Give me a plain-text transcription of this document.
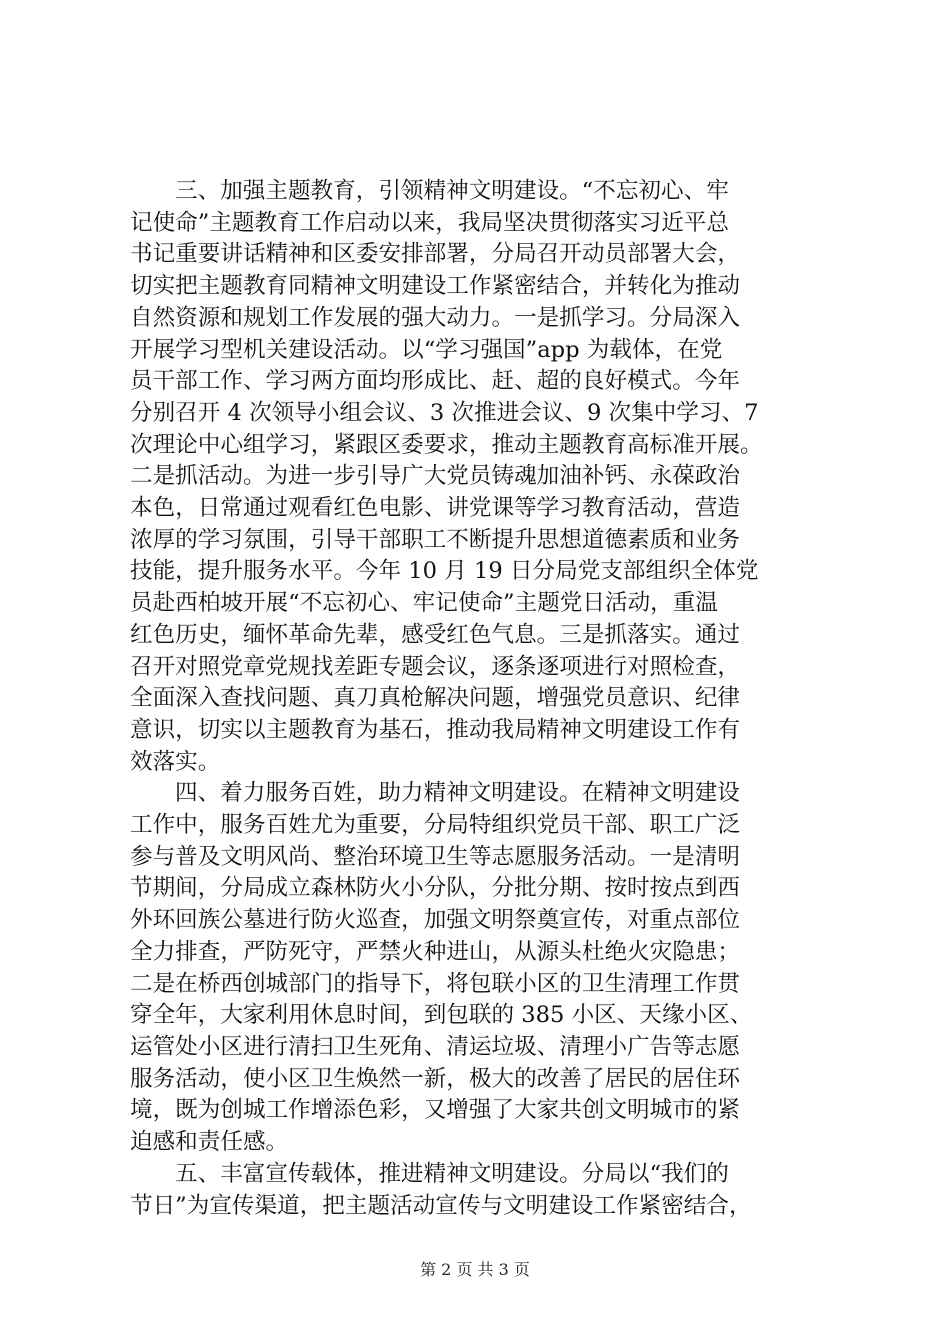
三、加强主题教育，引领精神文明建设。“不忘初心、牢
记使命”主题教育工作启动以来，我局坚决贯彻落实习近平总
书记重要讲话精神和区委安排部署，分局召开动员部署大会，
切实把主题教育同精神文明建设工作紧密结合，并转化为推动
自然资源和规划工作发展的强大动力。一是抓学习。分局深入
开展学习型机关建设活动。以“学习强国”app 为载体，在党
员干部工作、学习两方面均形成比、赶、超的良好模式。今年
分别召开 4 次领导小组会议、3 次推进会议、9 次集中学习、7
次理论中心组学习，紧跟区委要求，推动主题教育高标准开展。
二是抓活动。为进一步引导广大党员铸魂加油补钙、永葆政治
本色，日常通过观看红色电影、讲党课等学习教育活动，营造
浓厚的学习氛围，引导干部职工不断提升思想道德素质和业务
技能，提升服务水平。今年 10 月 19 日分局党支部组织全体党
员赴西柏坡开展“不忘初心、牢记使命”主题党日活动，重温
红色历史，缅怀革命先辈，感受红色气息。三是抓落实。通过
召开对照党章党规找差距专题会议，逐条逐项进行对照检查，
全面深入查找问题、真刀真枪解决问题，增强党员意识、纪律
意识，切实以主题教育为基石，推动我局精神文明建设工作有
效落实。
四、着力服务百姓，助力精神文明建设。在精神文明建设
工作中，服务百姓尤为重要，分局特组织党员干部、职工广泛
参与普及文明风尚、整治环境卫生等志愿服务活动。一是清明
节期间，分局成立森林防火小分队，分批分期、按时按点到西
外环回族公墓进行防火巡查，加强文明祭奠宣传，对重点部位
全力排查，严防死守，严禁火种进山，从源头杜绝火灾隐患；
二是在桥西创城部门的指导下，将包联小区的卫生清理工作贯
穿全年，大家利用休息时间，到包联的 385 小区、天缘小区、
运管处小区进行清扫卫生死角、清运垃圾、清理小广告等志愿
服务活动，使小区卫生焕然一新，极大的改善了居民的居住环
境，既为创城工作增添色彩，又增强了大家共创文明城市的紧
迫感和责任感。
五、丰富宣传载体，推进精神文明建设。分局以“我们的
节日”为宣传渠道，把主题活动宣传与文明建设工作紧密结合，
第 2 页 共 3 页
